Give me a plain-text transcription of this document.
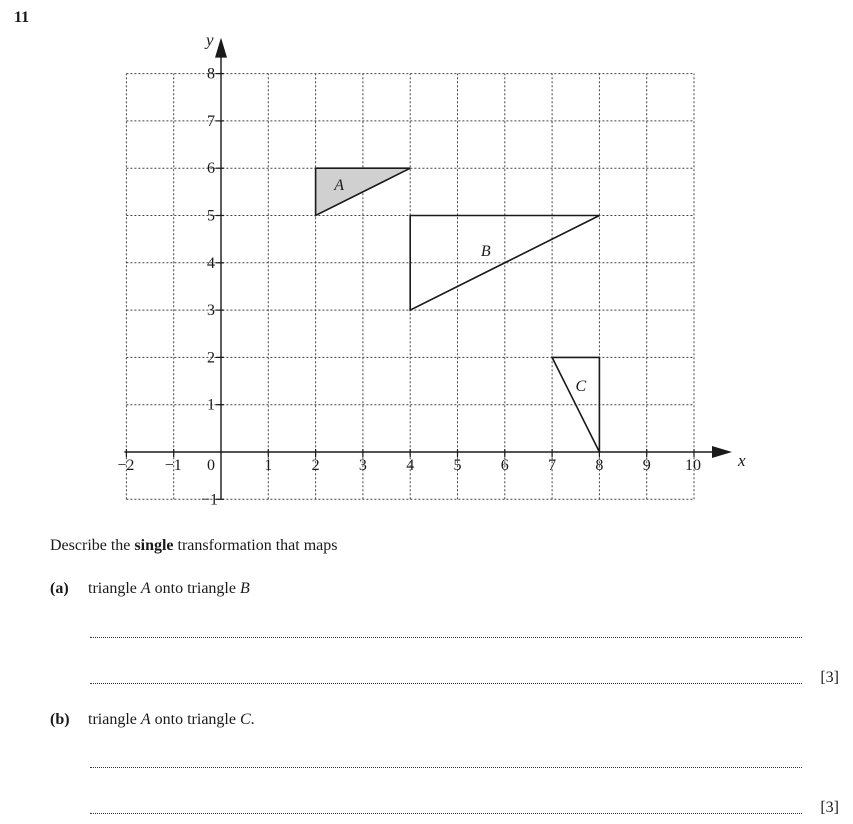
11
x
y
−2 −1 0	1 2 3 4 5 6 7 8 9 10
1
2
3
4
5
6
7
8
−1
A
B
C
Describe the single transformation that maps
(a) triangle A onto triangle B
[3]
(b) triangle A onto triangle C.
[3]
